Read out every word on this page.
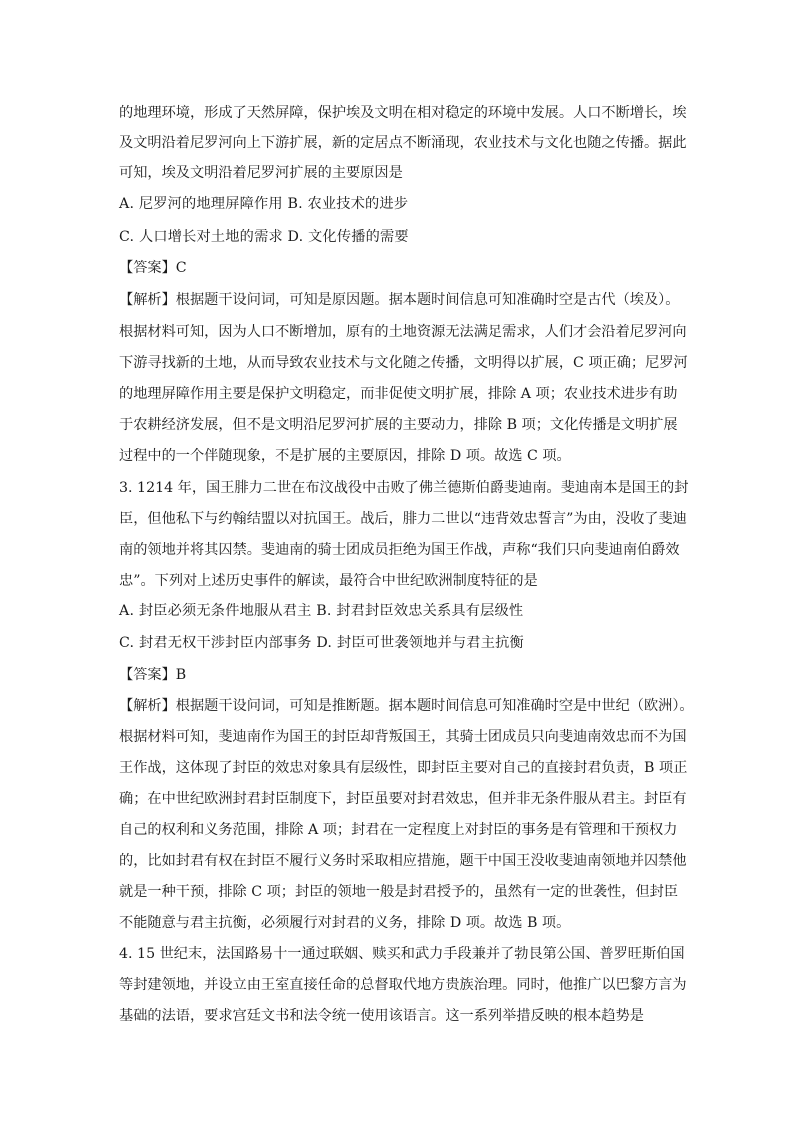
的地理环境，形成了天然屏障，保护埃及文明在相对稳定的环境中发展。人口不断增长，埃
及文明沿着尼罗河向上下游扩展，新的定居点不断涌现，农业技术与文化也随之传播。据此
可知，埃及文明沿着尼罗河扩展的主要原因是
A. 尼罗河的地理屏障作用 B. 农业技术的进步
C. 人口增长对土地的需求 D. 文化传播的需要
【答案】C
【解析】根据题干设问词，可知是原因题。据本题时间信息可知准确时空是古代（埃及）。
根据材料可知，因为人口不断增加，原有的土地资源无法满足需求，人们才会沿着尼罗河向
下游寻找新的土地，从而导致农业技术与文化随之传播，文明得以扩展，C 项正确；尼罗河
的地理屏障作用主要是保护文明稳定，而非促使文明扩展，排除 A 项；农业技术进步有助
于农耕经济发展，但不是文明沿尼罗河扩展的主要动力，排除 B 项；文化传播是文明扩展
过程中的一个伴随现象，不是扩展的主要原因，排除 D 项。故选 C 项。
3. 1214 年，国王腓力二世在布汶战役中击败了佛兰德斯伯爵斐迪南。斐迪南本是国王的封
臣，但他私下与约翰结盟以对抗国王。战后，腓力二世以“违背效忠誓言”为由，没收了斐迪
南的领地并将其囚禁。斐迪南的骑士团成员拒绝为国王作战，声称“我们只向斐迪南伯爵效
忠”。下列对上述历史事件的解读，最符合中世纪欧洲制度特征的是
A. 封臣必须无条件地服从君主 B. 封君封臣效忠关系具有层级性
C. 封君无权干涉封臣内部事务 D. 封臣可世袭领地并与君主抗衡
【答案】B
【解析】根据题干设问词，可知是推断题。据本题时间信息可知准确时空是中世纪（欧洲）。
根据材料可知，斐迪南作为国王的封臣却背叛国王，其骑士团成员只向斐迪南效忠而不为国
王作战，这体现了封臣的效忠对象具有层级性，即封臣主要对自己的直接封君负责，B 项正
确；在中世纪欧洲封君封臣制度下，封臣虽要对封君效忠，但并非无条件服从君主。封臣有
自己的权利和义务范围，排除 A 项；封君在一定程度上对封臣的事务是有管理和干预权力
的，比如封君有权在封臣不履行义务时采取相应措施，题干中国王没收斐迪南领地并囚禁他
就是一种干预，排除 C 项；封臣的领地一般是封君授予的，虽然有一定的世袭性，但封臣
不能随意与君主抗衡，必须履行对封君的义务，排除 D 项。故选 B 项。
4. 15 世纪末，法国路易十一通过联姻、赎买和武力手段兼并了勃艮第公国、普罗旺斯伯国
等封建领地，并设立由王室直接任命的总督取代地方贵族治理。同时，他推广以巴黎方言为
基础的法语，要求宫廷文书和法令统一使用该语言。这一系列举措反映的根本趋势是
